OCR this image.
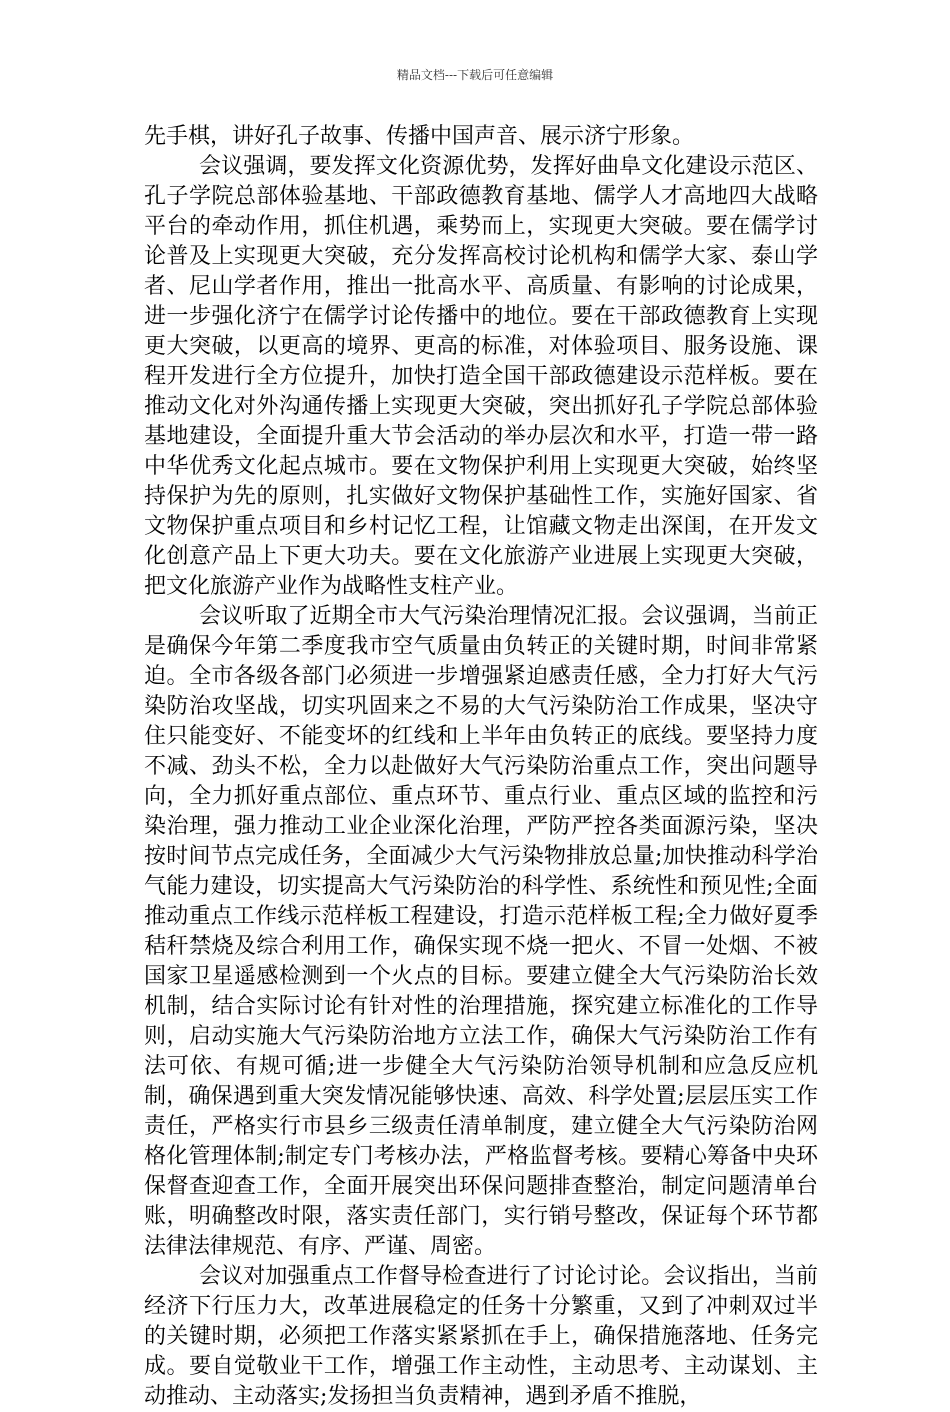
精品文档---下载后可任意编辑

先手棋，讲好孔子故事、传播中国声音、展示济宁形象。

会议强调，要发挥文化资源优势，发挥好曲阜文化建设示范区、孔子学院总部体验基地、干部政德教育基地、儒学人才高地四大战略平台的牵动作用，抓住机遇，乘势而上，实现更大突破。要在儒学讨论普及上实现更大突破，充分发挥高校讨论机构和儒学大家、泰山学者、尼山学者作用，推出一批高水平、高质量、有影响的讨论成果，进一步强化济宁在儒学讨论传播中的地位。要在干部政德教育上实现更大突破，以更高的境界、更高的标准，对体验项目、服务设施、课程开发进行全方位提升，加快打造全国干部政德建设示范样板。要在推动文化对外沟通传播上实现更大突破，突出抓好孔子学院总部体验基地建设，全面提升重大节会活动的举办层次和水平，打造一带一路中华优秀文化起点城市。要在文物保护利用上实现更大突破，始终坚持保护为先的原则，扎实做好文物保护基础性工作，实施好国家、省文物保护重点项目和乡村记忆工程，让馆藏文物走出深闺，在开发文化创意产品上下更大功夫。要在文化旅游产业进展上实现更大突破，把文化旅游产业作为战略性支柱产业。

会议听取了近期全市大气污染治理情况汇报。会议强调，当前正是确保今年第二季度我市空气质量由负转正的关键时期，时间非常紧迫。全市各级各部门必须进一步增强紧迫感责任感，全力打好大气污染防治攻坚战，切实巩固来之不易的大气污染防治工作成果，坚决守住只能变好、不能变坏的红线和上半年由负转正的底线。要坚持力度不减、劲头不松，全力以赴做好大气污染防治重点工作，突出问题导向，全力抓好重点部位、重点环节、重点行业、重点区域的监控和污染治理，强力推动工业企业深化治理，严防严控各类面源污染，坚决按时间节点完成任务，全面减少大气污染物排放总量;加快推动科学治气能力建设，切实提高大气污染防治的科学性、系统性和预见性;全面推动重点工作线示范样板工程建设，打造示范样板工程;全力做好夏季秸秆禁烧及综合利用工作，确保实现不烧一把火、不冒一处烟、不被国家卫星遥感检测到一个火点的目标。要建立健全大气污染防治长效机制，结合实际讨论有针对性的治理措施，探究建立标准化的工作导则，启动实施大气污染防治地方立法工作，确保大气污染防治工作有法可依、有规可循;进一步健全大气污染防治领导机制和应急反应机制，确保遇到重大突发情况能够快速、高效、科学处置;层层压实工作责任，严格实行市县乡三级责任清单制度，建立健全大气污染防治网格化管理体制;制定专门考核办法，严格监督考核。要精心筹备中央环保督查迎查工作，全面开展突出环保问题排查整治，制定问题清单台账，明确整改时限，落实责任部门，实行销号整改，保证每个环节都法律法律规范、有序、严谨、周密。

会议对加强重点工作督导检查进行了讨论讨论。会议指出，当前经济下行压力大，改革进展稳定的任务十分繁重，又到了冲刺双过半的关键时期，必须把工作落实紧紧抓在手上，确保措施落地、任务完成。要自觉敬业干工作，增强工作主动性，主动思考、主动谋划、主动推动、主动落实;发扬担当负责精神，遇到矛盾不推脱，
